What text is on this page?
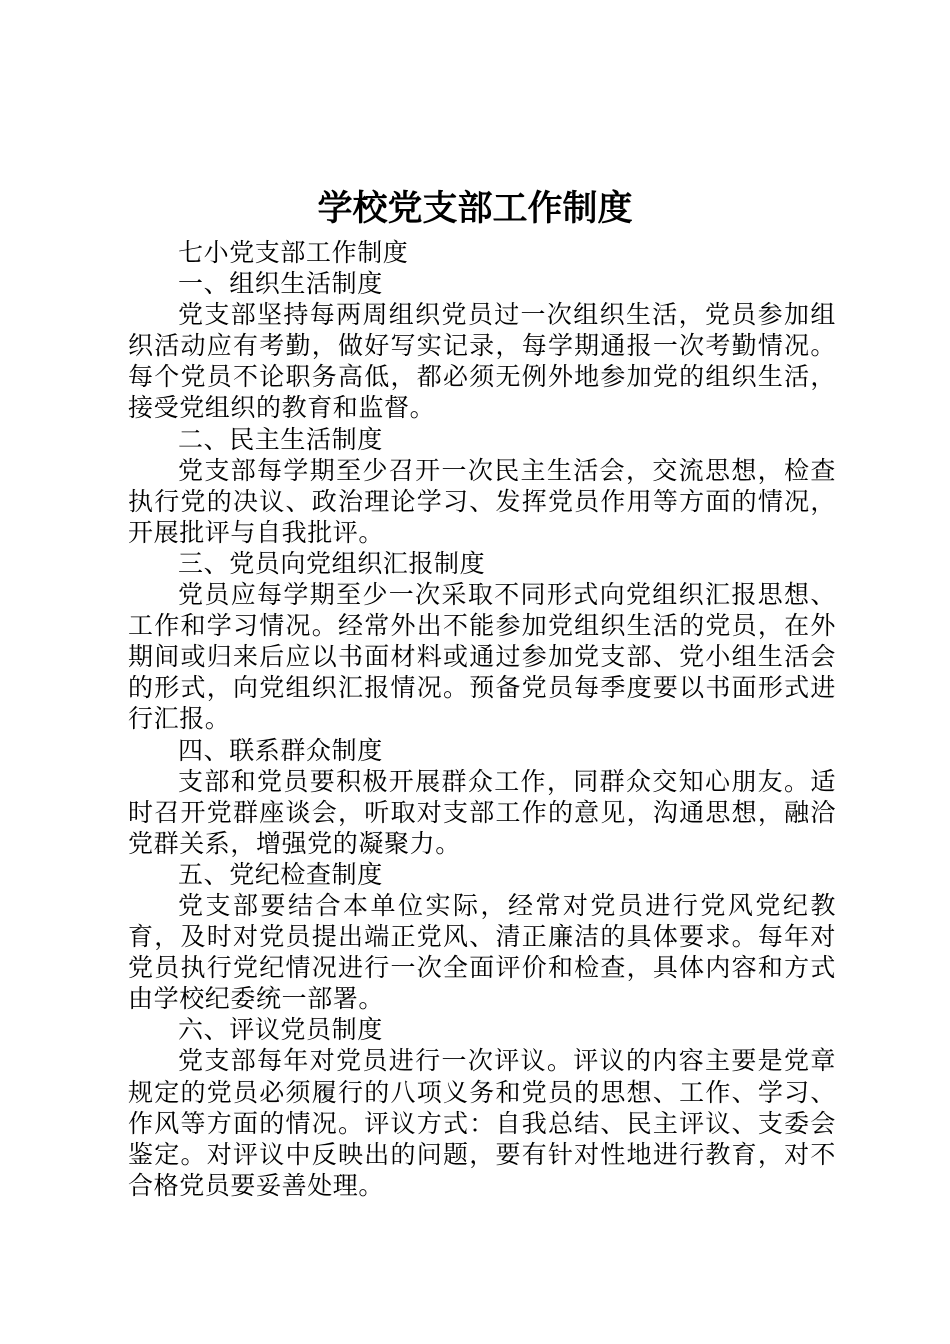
学校党支部工作制度

七小党支部工作制度

一、组织生活制度

党支部坚持每两周组织党员过一次组织生活，党员参加组织活动应有考勤，做好写实记录，每学期通报一次考勤情况。每个党员不论职务高低，都必须无例外地参加党的组织生活，接受党组织的教育和监督。

二、民主生活制度

党支部每学期至少召开一次民主生活会，交流思想，检查执行党的决议、政治理论学习、发挥党员作用等方面的情况，开展批评与自我批评。

三、党员向党组织汇报制度

党员应每学期至少一次采取不同形式向党组织汇报思想、工作和学习情况。经常外出不能参加党组织生活的党员，在外期间或归来后应以书面材料或通过参加党支部、党小组生活会的形式，向党组织汇报情况。预备党员每季度要以书面形式进行汇报。

四、联系群众制度

支部和党员要积极开展群众工作，同群众交知心朋友。适时召开党群座谈会，听取对支部工作的意见，沟通思想，融洽党群关系，增强党的凝聚力。

五、党纪检查制度

党支部要结合本单位实际，经常对党员进行党风党纪教育，及时对党员提出端正党风、清正廉洁的具体要求。每年对党员执行党纪情况进行一次全面评价和检查，具体内容和方式由学校纪委统一部署。

六、评议党员制度

党支部每年对党员进行一次评议。评议的内容主要是党章规定的党员必须履行的八项义务和党员的思想、工作、学习、作风等方面的情况。评议方式：自我总结、民主评议、支委会鉴定。对评议中反映出的问题，要有针对性地进行教育，对不合格党员要妥善处理。
